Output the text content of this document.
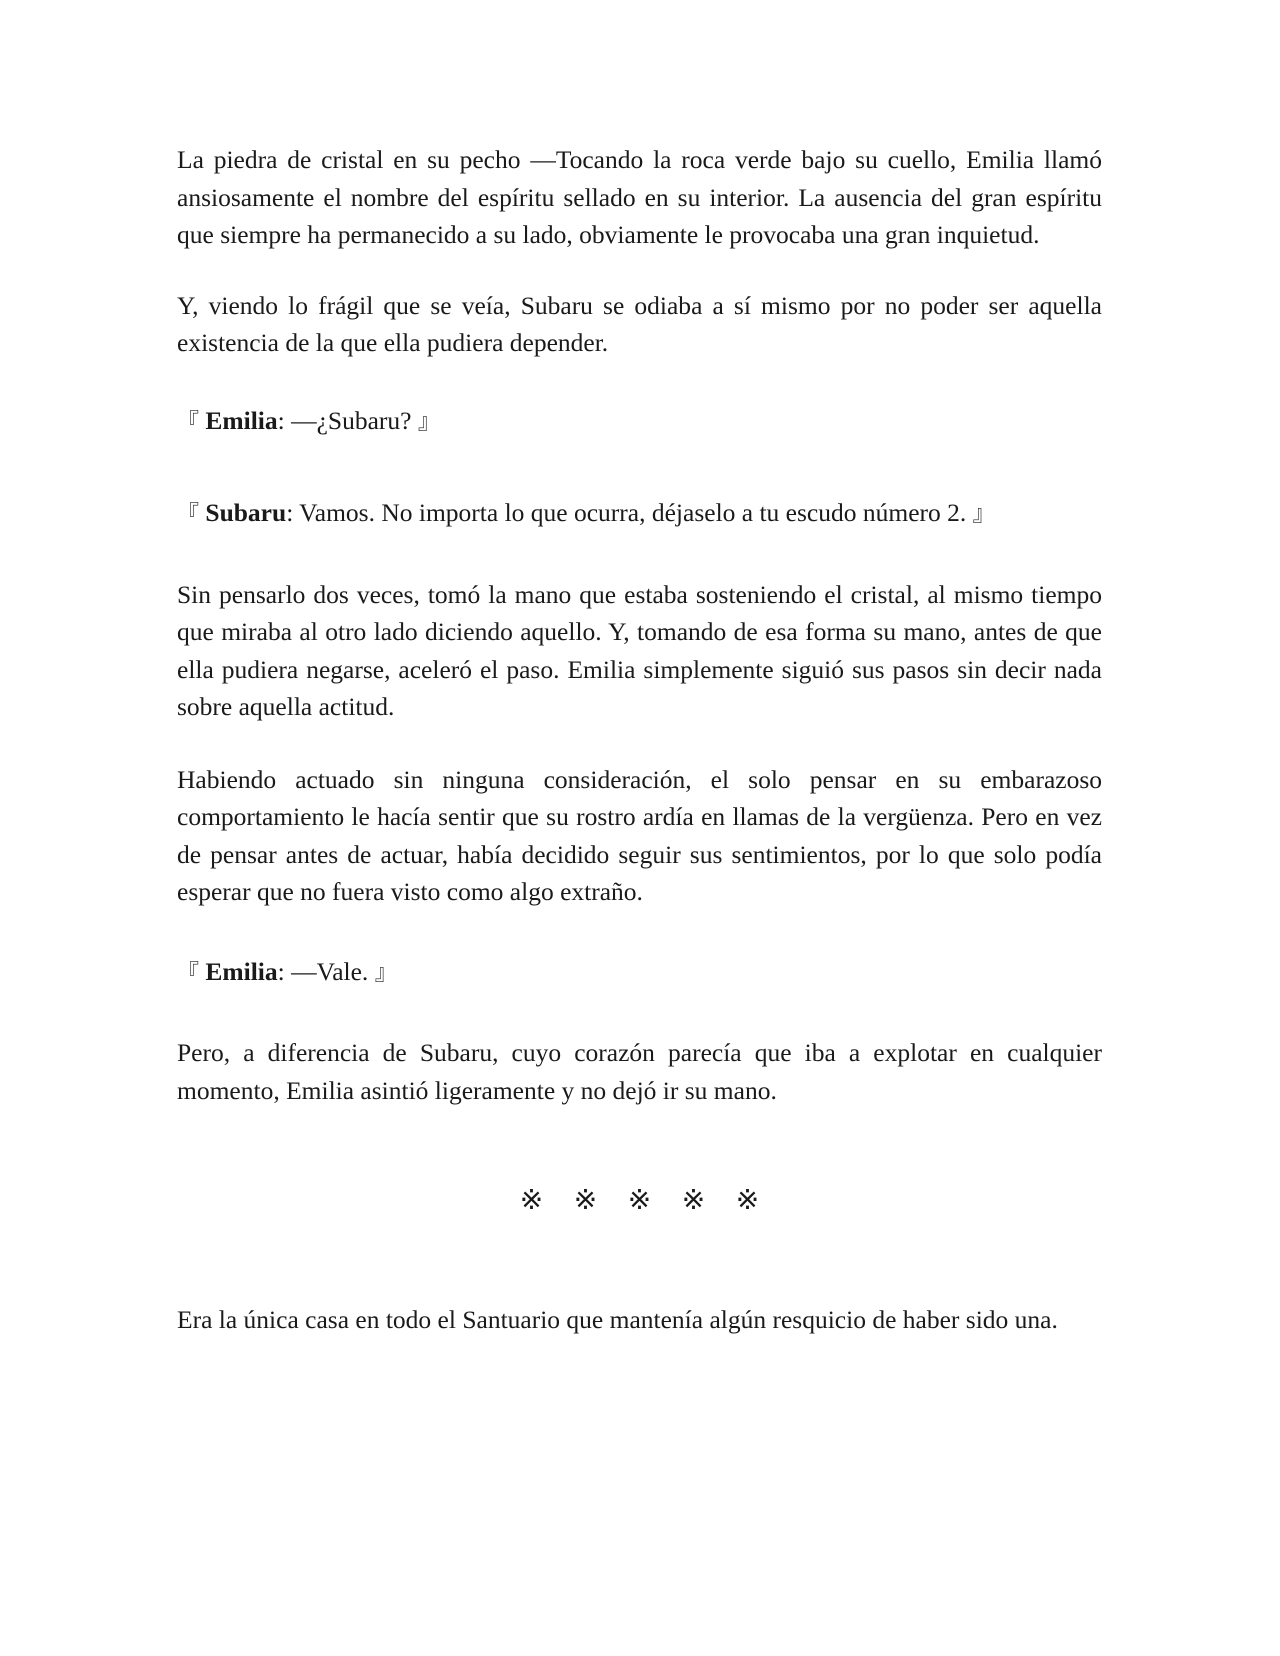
La piedra de cristal en su pecho —Tocando la roca verde bajo su cuello, Emilia llamó ansiosamente el nombre del espíritu sellado en su interior. La ausencia del gran espíritu que siempre ha permanecido a su lado, obviamente le provocaba una gran inquietud.

Y, viendo lo frágil que se veía, Subaru se odiaba a sí mismo por no poder ser aquella existencia de la que ella pudiera depender.

『 Emilia: —¿Subaru? 』

『 Subaru: Vamos. No importa lo que ocurra, déjaselo a tu escudo número 2. 』

Sin pensarlo dos veces, tomó la mano que estaba sosteniendo el cristal, al mismo tiempo que miraba al otro lado diciendo aquello. Y, tomando de esa forma su mano, antes de que ella pudiera negarse, aceleró el paso. Emilia simplemente siguió sus pasos sin decir nada sobre aquella actitud.

Habiendo actuado sin ninguna consideración, el solo pensar en su embarazoso comportamiento le hacía sentir que su rostro ardía en llamas de la vergüenza. Pero en vez de pensar antes de actuar, había decidido seguir sus sentimientos, por lo que solo podía esperar que no fuera visto como algo extraño.

『 Emilia: —Vale. 』

Pero, a diferencia de Subaru, cuyo corazón parecía que iba a explotar en cualquier momento, Emilia asintió ligeramente y no dejó ir su mano.

※ ※ ※ ※ ※

Era la única casa en todo el Santuario que mantenía algún resquicio de haber sido una.
